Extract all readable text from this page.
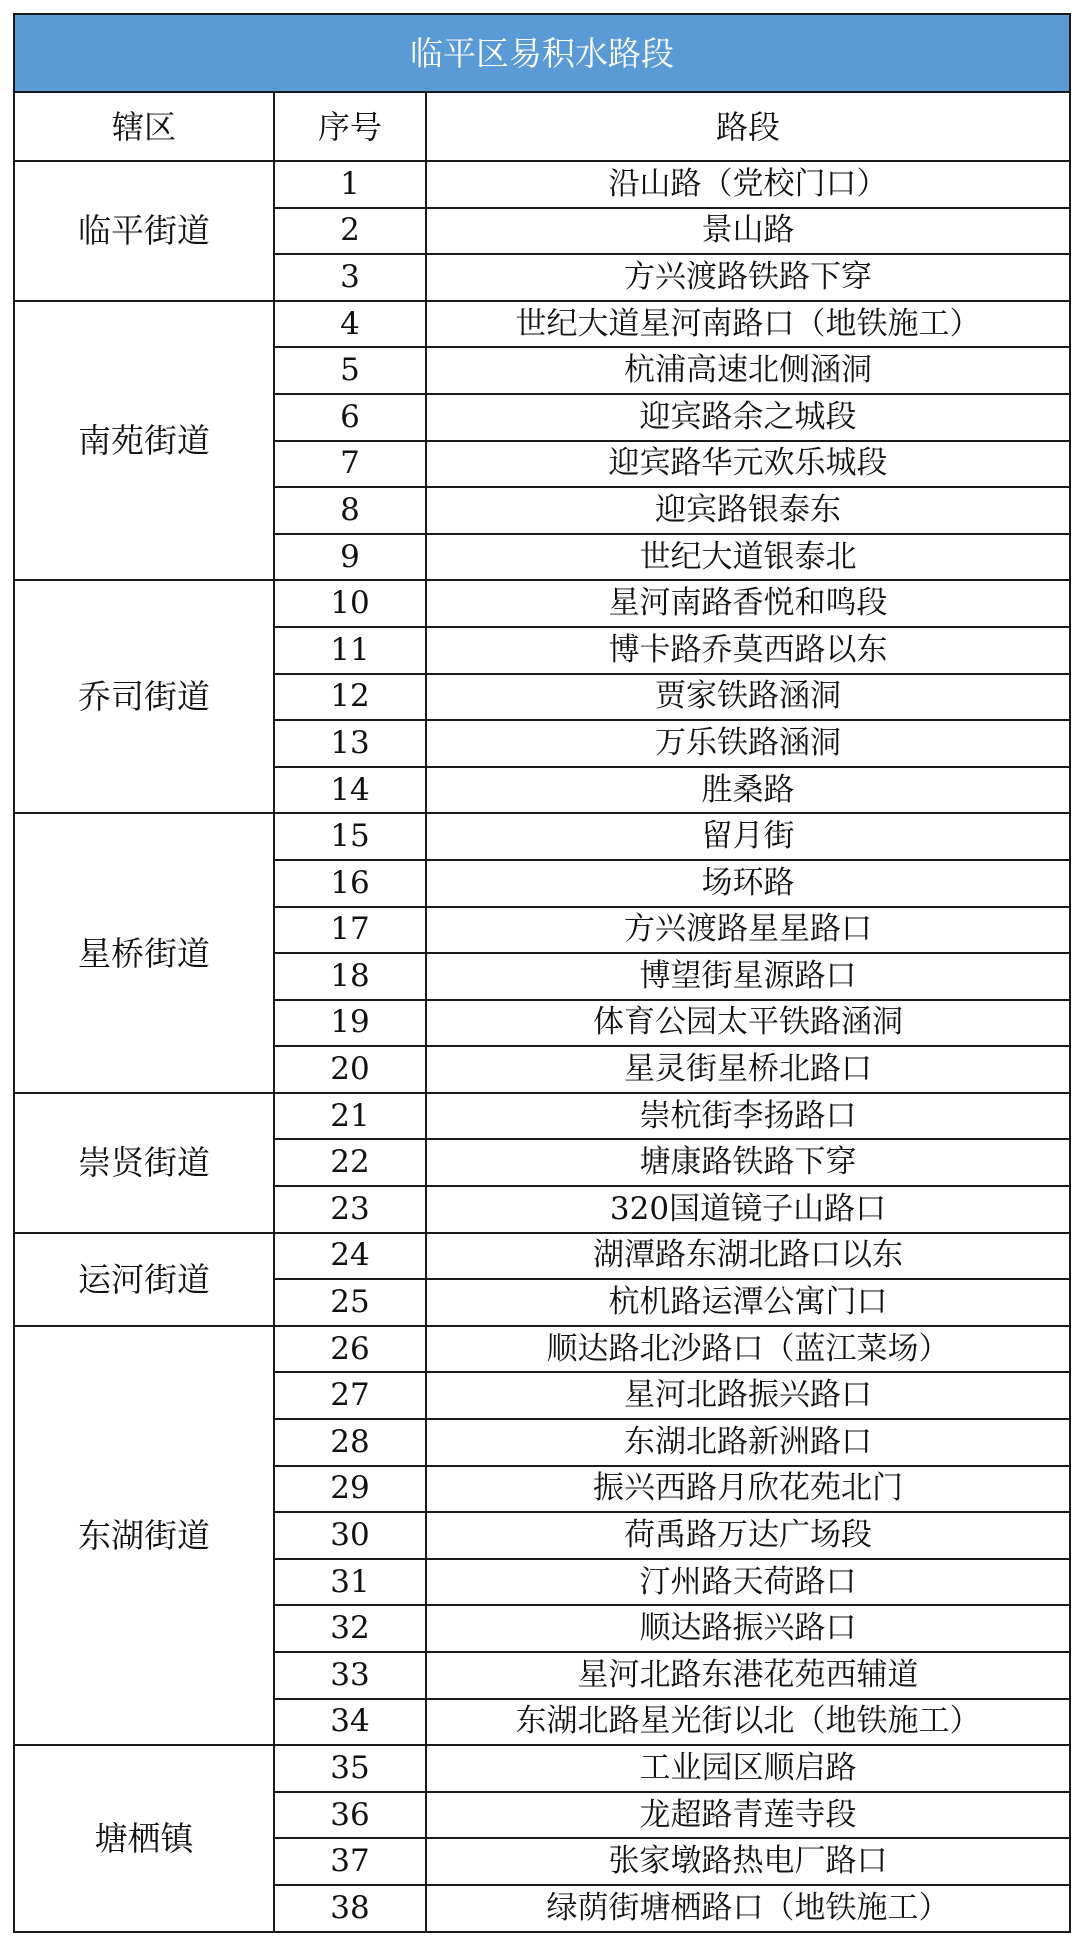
临平区易积水路段		
辖区	序号	路段
临平街道	1	沿山路（党校门口）
	2	景山路
	3	方兴渡路铁路下穿
南苑街道	4	世纪大道星河南路口（地铁施工）
	5	杭浦高速北侧涵洞
	6	迎宾路余之城段
	7	迎宾路华元欢乐城段
	8	迎宾路银泰东
	9	世纪大道银泰北
乔司街道	10	星河南路香悦和鸣段
	11	博卡路乔莫西路以东
	12	贾家铁路涵洞
	13	万乐铁路涵洞
	14	胜桑路
星桥街道	15	留月街
	16	场环路
	17	方兴渡路星星路口
	18	博望街星源路口
	19	体育公园太平铁路涵洞
	20	星灵街星桥北路口
崇贤街道	21	崇杭街李扬路口
	22	塘康路铁路下穿
	23	320国道镜子山路口
运河街道	24	湖潭路东湖北路口以东
	25	杭机路运潭公寓门口
东湖街道	26	顺达路北沙路口（蓝江菜场）
	27	星河北路振兴路口
	28	东湖北路新洲路口
	29	振兴西路月欣花苑北门
	30	荷禹路万达广场段
	31	汀州路天荷路口
	32	顺达路振兴路口
	33	星河北路东港花苑西辅道
	34	东湖北路星光街以北（地铁施工）
塘栖镇	35	工业园区顺启路
	36	龙超路青莲寺段
	37	张家墩路热电厂路口
	38	绿荫街塘栖路口（地铁施工）
